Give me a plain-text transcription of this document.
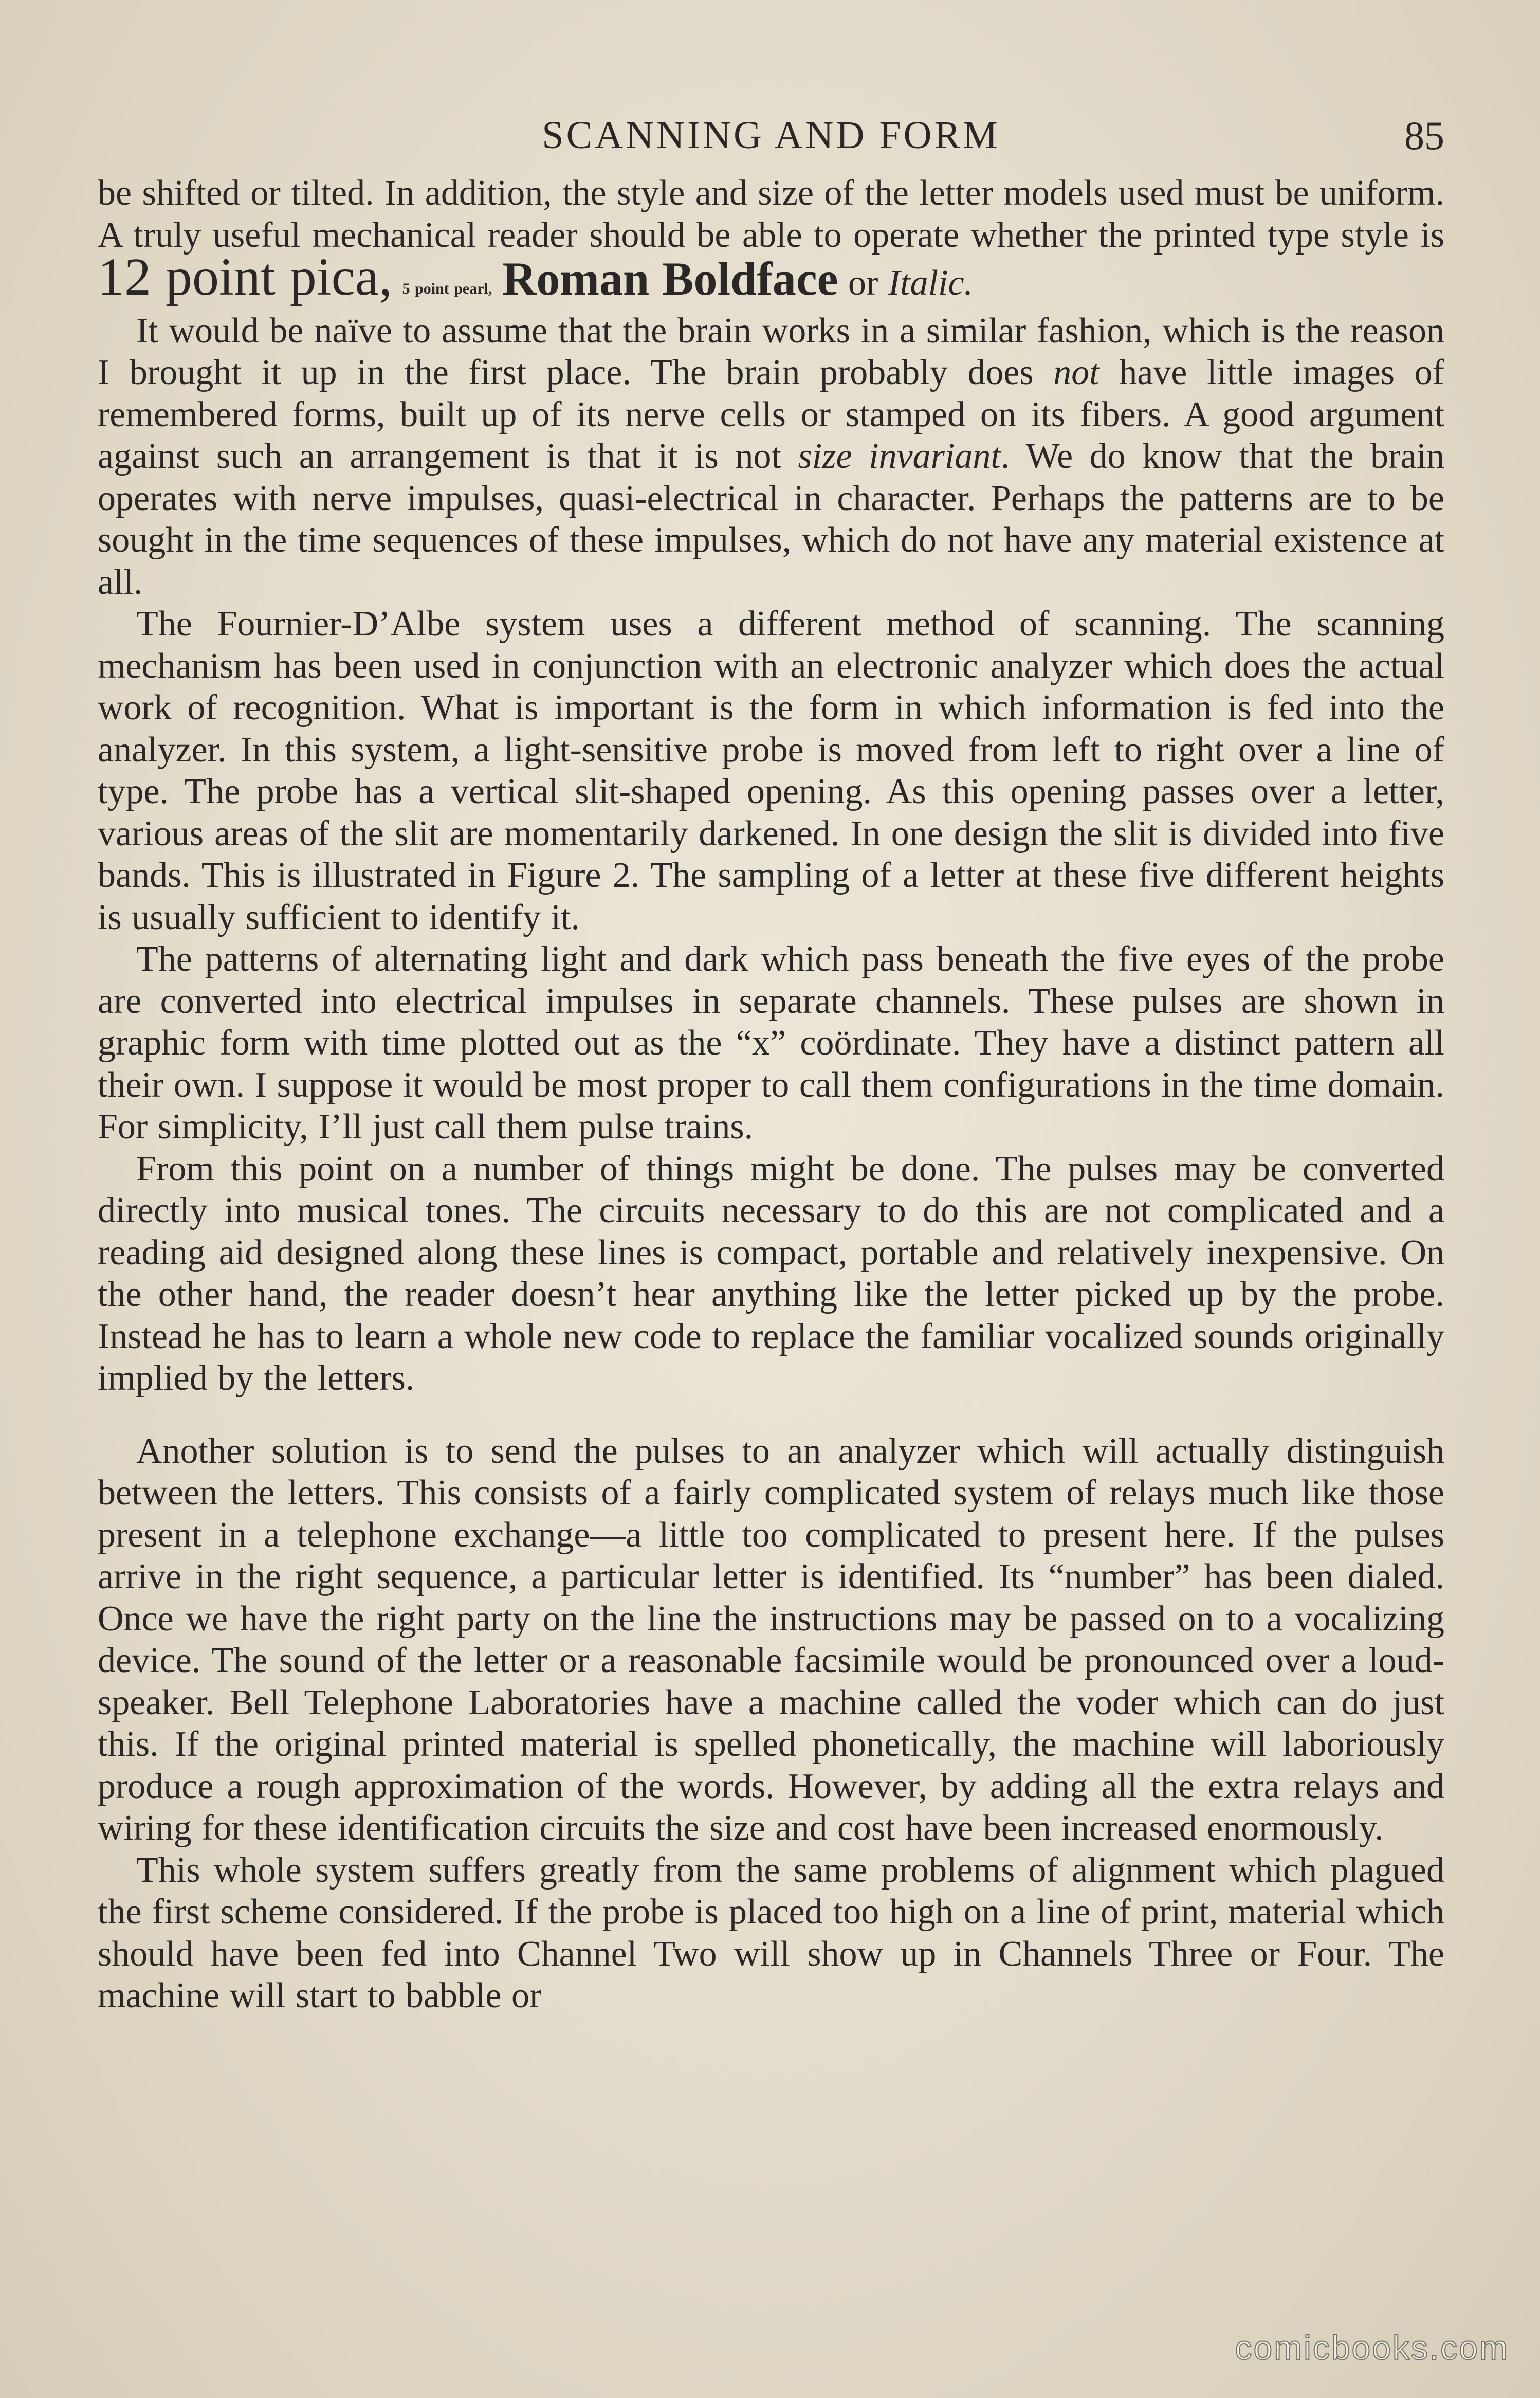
SCANNING AND FORM	85

be shifted or tilted. In addition, the style and size of the letter models used must be uniform. A truly useful mechanical reader should be able to operate whether the printed type style is 12 point pica, 5 point pearl, Roman Boldface or Italic.

It would be naïve to assume that the brain works in a similar fashion, which is the reason I brought it up in the first place. The brain probably does not have little images of remembered forms, built up of its nerve cells or stamped on its fibers. A good argument against such an arrangement is that it is not size invariant. We do know that the brain operates with nerve impulses, quasi-electrical in character. Perhaps the patterns are to be sought in the time sequences of these impulses, which do not have any material existence at all.

The Fournier-D’Albe system uses a different method of scanning. The scanning mechanism has been used in conjunction with an electronic analyzer which does the actual work of recognition. What is important is the form in which information is fed into the analyzer. In this system, a light-sensitive probe is moved from left to right over a line of type. The probe has a vertical slit-shaped opening. As this opening passes over a letter, various areas of the slit are momentarily darkened. In one design the slit is divided into five bands. This is illustrated in Figure 2. The sampling of a letter at these five different heights is usually sufficient to identify it.

The patterns of alternating light and dark which pass beneath the five eyes of the probe are converted into electrical impulses in separate channels. These pulses are shown in graphic form with time plotted out as the “x” coördinate. They have a distinct pattern all their own. I suppose it would be most proper to call them configurations in the time domain. For simplicity, I’ll just call them pulse trains.

From this point on a number of things might be done. The pulses may be converted directly into musical tones. The circuits necessary to do this are not complicated and a reading aid designed along these lines is compact, portable and relatively inexpensive. On the other hand, the reader doesn’t hear anything like the letter picked up by the probe. Instead he has to learn a whole new code to replace the familiar vocalized sounds originally implied by the letters.

Another solution is to send the pulses to an analyzer which will actually distinguish between the letters. This consists of a fairly complicated system of relays much like those present in a telephone exchange—a little too complicated to present here. If the pulses arrive in the right sequence, a particular letter is identified. Its “number” has been dialed. Once we have the right party on the line the instructions may be passed on to a vocalizing device. The sound of the letter or a reasonable facsimile would be pronounced over a loud-speaker. Bell Telephone Laboratories have a machine called the voder which can do just this. If the original printed material is spelled phonetically, the machine will laboriously produce a rough approximation of the words. However, by adding all the extra relays and wiring for these identification circuits the size and cost have been increased enormously.

This whole system suffers greatly from the same problems of alignment which plagued the first scheme considered. If the probe is placed too high on a line of print, material which should have been fed into Channel Two will show up in Channels Three or Four. The machine will start to babble or

comicbooks.com
